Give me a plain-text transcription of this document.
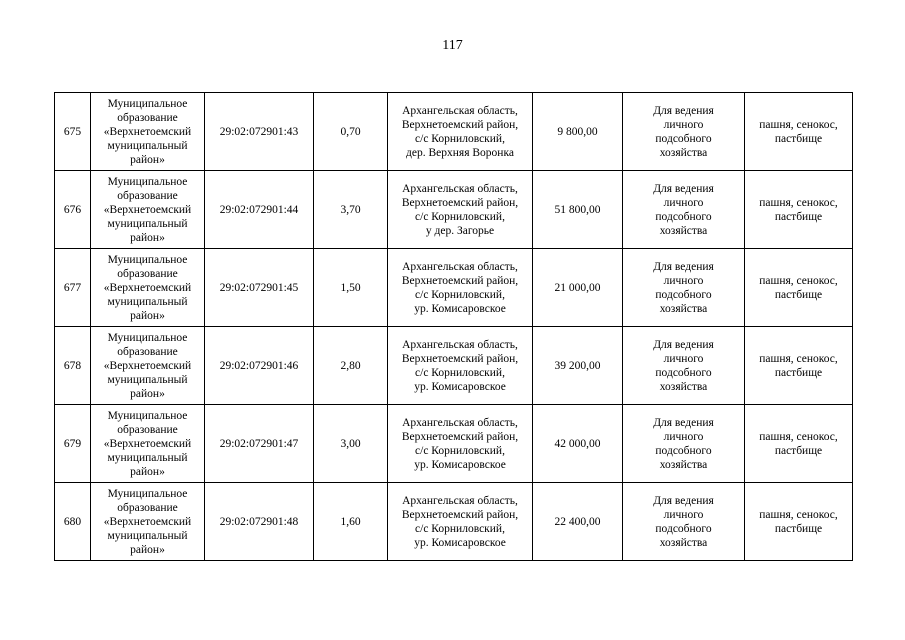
117
675	Муниципальное
образование
«Верхнетоемский
муниципальный
район»	29:02:072901:43	0,70	Архангельская область,
Верхнетоемский район,
с/с Корниловский,
дер. Верхняя Воронка	9 800,00	Для ведения
личного
подсобного
хозяйства	пашня, сенокос,
пастбище

676	Муниципальное
образование
«Верхнетоемский
муниципальный
район»	29:02:072901:44	3,70	Архангельская область,
Верхнетоемский район,
с/с Корниловский,
у дер. Загорье	51 800,00	Для ведения
личного
подсобного
хозяйства	пашня, сенокос,
пастбище

677	Муниципальное
образование
«Верхнетоемский
муниципальный
район»	29:02:072901:45	1,50	Архангельская область,
Верхнетоемский район,
с/с Корниловский,
ур. Комисаровское	21 000,00	Для ведения
личного
подсобного
хозяйства	пашня, сенокос,
пастбище

678	Муниципальное
образование
«Верхнетоемский
муниципальный
район»	29:02:072901:46	2,80	Архангельская область,
Верхнетоемский район,
с/с Корниловский,
ур. Комисаровское	39 200,00	Для ведения
личного
подсобного
хозяйства	пашня, сенокос,
пастбище

679	Муниципальное
образование
«Верхнетоемский
муниципальный
район»	29:02:072901:47	3,00	Архангельская область,
Верхнетоемский район,
с/с Корниловский,
ур. Комисаровское	42 000,00	Для ведения
личного
подсобного
хозяйства	пашня, сенокос,
пастбище

680	Муниципальное
образование
«Верхнетоемский
муниципальный
район»	29:02:072901:48	1,60	Архангельская область,
Верхнетоемский район,
с/с Корниловский,
ур. Комисаровское	22 400,00	Для ведения
личного
подсобного
хозяйства	пашня, сенокос,
пастбище
